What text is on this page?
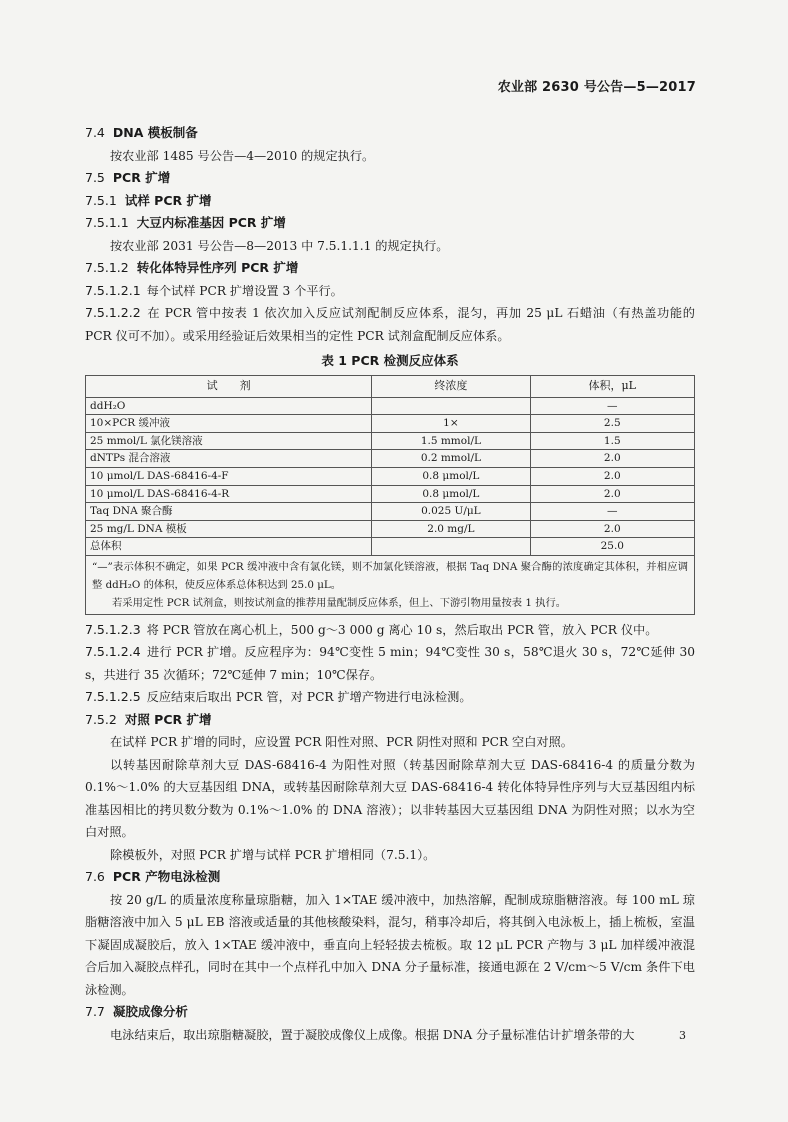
农业部 2630 号公告—5—2017
7.4 DNA 模板制备

按农业部 1485 号公告—4—2010 的规定执行。

7.5 PCR 扩增
7.5.1 试样 PCR 扩增
7.5.1.1 大豆内标准基因 PCR 扩增

按农业部 2031 号公告—8—2013 中 7.5.1.1.1 的规定执行。

7.5.1.2 转化体特异性序列 PCR 扩增

7.5.1.2.1 每个试样 PCR 扩增设置 3 个平行。

7.5.1.2.2 在 PCR 管中按表 1 依次加入反应试剂配制反应体系，混匀，再加 25 μL 石蜡油（有热盖功能的 PCR 仪可不加）。或采用经验证后效果相当的定性 PCR 试剂盒配制反应体系。

表 1 PCR 检测反应体系
试　　剂	终浓度	体积，μL
ddH₂O		—
10×PCR 缓冲液	1×	2.5
25 mmol/L 氯化镁溶液	1.5 mmol/L	1.5
dNTPs 混合溶液	0.2 mmol/L	2.0
10 μmol/L DAS-68416-4-F	0.8 μmol/L	2.0
10 μmol/L DAS-68416-4-R	0.8 μmol/L	2.0
Taq DNA 聚合酶	0.025 U/μL	—
25 mg/L DNA 模板	2.0 mg/L	2.0
总体积		25.0
“—”表示体积不确定，如果 PCR 缓冲液中含有氯化镁，则不加氯化镁溶液，根据 Taq DNA 聚合酶的浓度确定其体积，并相应调整 ddH₂O 的体积，使反应体系总体积达到 25.0 μL。
若采用定性 PCR 试剂盒，则按试剂盒的推荐用量配制反应体系，但上、下游引物用量按表 1 执行。		

7.5.1.2.3 将 PCR 管放在离心机上，500 g～3 000 g 离心 10 s，然后取出 PCR 管，放入 PCR 仪中。

7.5.1.2.4 进行 PCR 扩增。反应程序为：94℃变性 5 min；94℃变性 30 s，58℃退火 30 s，72℃延伸 30 s，共进行 35 次循环；72℃延伸 7 min；10℃保存。

7.5.1.2.5 反应结束后取出 PCR 管，对 PCR 扩增产物进行电泳检测。

7.5.2 对照 PCR 扩增

在试样 PCR 扩增的同时，应设置 PCR 阳性对照、PCR 阴性对照和 PCR 空白对照。

以转基因耐除草剂大豆 DAS-68416-4 为阳性对照（转基因耐除草剂大豆 DAS-68416-4 的质量分数为 0.1%～1.0% 的大豆基因组 DNA，或转基因耐除草剂大豆 DAS-68416-4 转化体特异性序列与大豆基因组内标准基因相比的拷贝数分数为 0.1%～1.0% 的 DNA 溶液）；以非转基因大豆基因组 DNA 为阴性对照；以水为空白对照。

除模板外，对照 PCR 扩增与试样 PCR 扩增相同（7.5.1）。

7.6 PCR 产物电泳检测

按 20 g/L 的质量浓度称量琼脂糖，加入 1×TAE 缓冲液中，加热溶解，配制成琼脂糖溶液。每 100 mL 琼脂糖溶液中加入 5 μL EB 溶液或适量的其他核酸染料，混匀，稍事冷却后，将其倒入电泳板上，插上梳板，室温下凝固成凝胶后，放入 1×TAE 缓冲液中，垂直向上轻轻拔去梳板。取 12 μL PCR 产物与 3 μL 加样缓冲液混合后加入凝胶点样孔，同时在其中一个点样孔中加入 DNA 分子量标准，接通电源在 2 V/cm～5 V/cm 条件下电泳检测。

7.7 凝胶成像分析

电泳结束后，取出琼脂糖凝胶，置于凝胶成像仪上成像。根据 DNA 分子量标准估计扩增条带的大	3
